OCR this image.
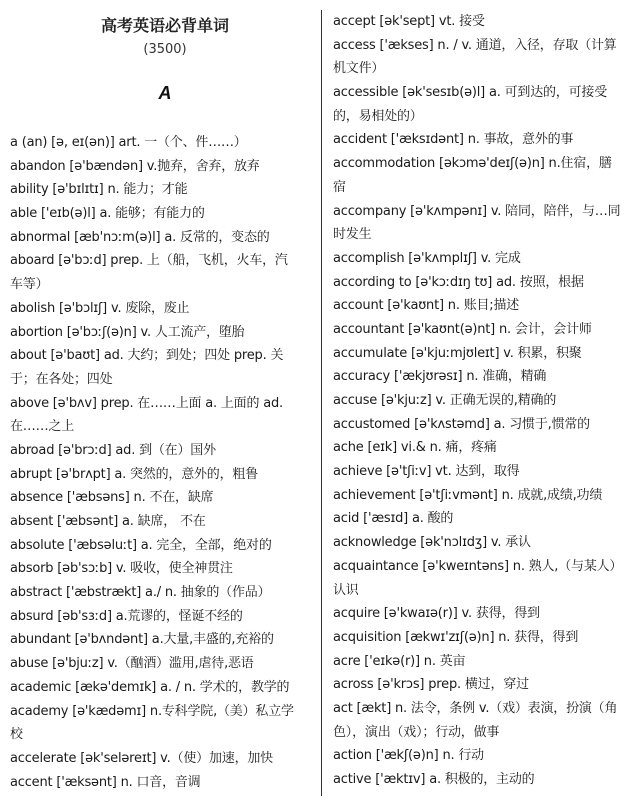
高考英语必背单词
(3500)
A
a (an) [ə, eɪ(ən)] art. 一（个、件……）
abandon [ə'bændən] v.抛弃，舍弃，放弃
ability [ə'bɪlɪtɪ] n. 能力；才能
able ['eɪb(ə)l] a. 能够；有能力的
abnormal [æb'nɔːm(ə)l] a. 反常的，变态的
aboard [ə'bɔːd] prep. 上（船，飞机，火车，汽
车等）
abolish [ə'bɔlɪʃ] v. 废除，废止
abortion [ə'bɔːʃ(ə)n] v. 人工流产，堕胎
about [ə'baʊt] ad. 大约；到处；四处 prep. 关
于；在各处；四处
above [ə'bʌv] prep. 在……上面 a. 上面的 ad.
在……之上
abroad [ə'brɔːd] ad. 到（在）国外
abrupt [ə'brʌpt] a. 突然的，意外的，粗鲁
absence ['æbsəns] n. 不在，缺席
absent ['æbsənt] a. 缺席， 不在
absolute ['æbsəluːt] a. 完全，全部，绝对的
absorb [əb'sɔːb] v. 吸收，使全神贯注
abstract ['æbstrækt] a./ n. 抽象的（作品）
absurd [əb'sɜːd] a.荒谬的，怪诞不经的
abundant [ə'bʌndənt] a.大量,丰盛的,充裕的
abuse [ə'bjuːz] v.（酗酒）滥用,虐待,恶语
academic [ækə'demɪk] a. / n. 学术的，教学的
academy [ə'kædəmɪ] n.专科学院,（美）私立学
校
accelerate [ək'seləreɪt] v.（使）加速，加快
accent ['æksənt] n. 口音，音调
accept [ək'sept] vt. 接受
access ['ækses] n. / v. 通道，入径，存取（计算
机文件）
accessible [ək'sesɪb(ə)l] a. 可到达的，可接受
的，易相处的）
accident ['æksɪdənt] n. 事故，意外的事
accommodation [əkɔmə'deɪʃ(ə)n] n.住宿，膳
宿
accompany [ə'kʌmpənɪ] v. 陪同，陪伴，与…同
时发生
accomplish [ə'kʌmplɪʃ] v. 完成
according to [ə'kɔːdɪŋ tʊ] ad. 按照，根据
account [ə'kaʊnt] n. 账目;描述
accountant [ə'kaʊnt(ə)nt] n. 会计，会计师
accumulate [ə'kjuːmjʊleɪt] v. 积累，积聚
accuracy ['ækjʊrəsɪ] n. 准确，精确
accuse [ə'kjuːz] v. 正确无误的,精确的
accustomed [ə'kʌstəmd] a. 习惯于,惯常的
ache [eɪk] vi.& n. 痛，疼痛
achieve [ə'tʃiːv] vt. 达到，取得
achievement [ə'tʃiːvmənt] n. 成就,成绩,功绩
acid ['æsɪd] a. 酸的
acknowledge [ək'nɔlɪdʒ] v. 承认
acquaintance [ə'kweɪntəns] n. 熟人,（与某人）
认识
acquire [ə'kwaɪə(r)] v. 获得，得到
acquisition [ækwɪ'zɪʃ(ə)n] n. 获得，得到
acre ['eɪkə(r)] n. 英亩
across [ə'krɔs] prep. 横过，穿过
act [ækt] n. 法令，条例 v.（戏）表演，扮演（角
色），演出（戏）；行动，做事
action ['ækʃ(ə)n] n. 行动
active ['æktɪv] a. 积极的，主动的
